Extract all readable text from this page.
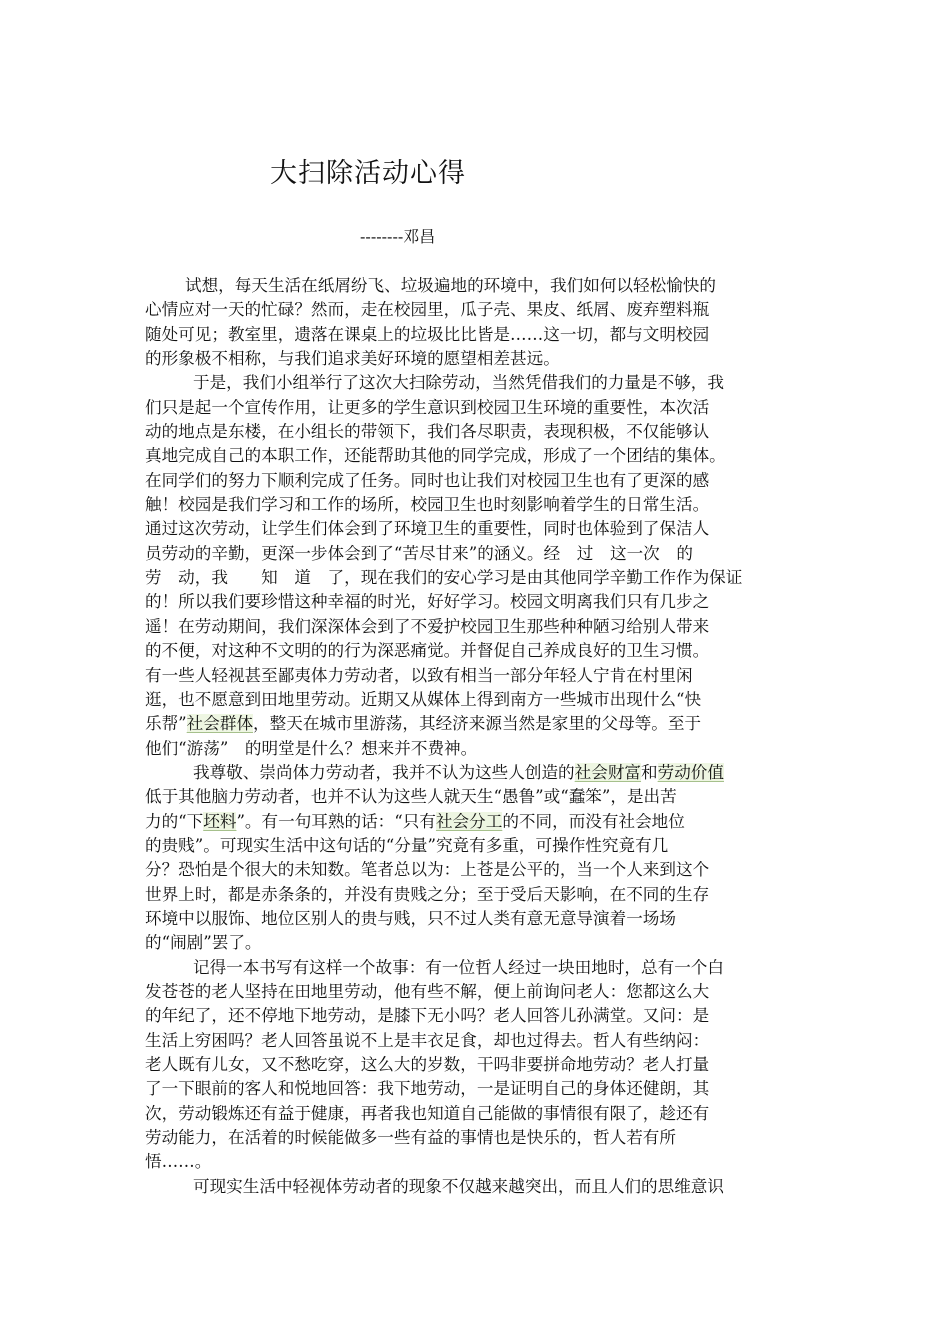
大扫除活动心得
--------邓昌
试想，每天生活在纸屑纷飞、垃圾遍地的环境中，我们如何以轻松愉快的
心情应对一天的忙碌？然而，走在校园里，瓜子壳、果皮、纸屑、废弃塑料瓶
随处可见；教室里，遗落在课桌上的垃圾比比皆是……这一切，都与文明校园
的形象极不相称，与我们追求美好环境的愿望相差甚远。
于是，我们小组举行了这次大扫除劳动，当然凭借我们的力量是不够，我
们只是起一个宣传作用，让更多的学生意识到校园卫生环境的重要性，本次活
动的地点是东楼，在小组长的带领下，我们各尽职责，表现积极，不仅能够认
真地完成自己的本职工作，还能帮助其他的同学完成，形成了一个团结的集体。
在同学们的努力下顺利完成了任务。同时也让我们对校园卫生也有了更深的感
触！校园是我们学习和工作的场所，校园卫生也时刻影响着学生的日常生活。
通过这次劳动，让学生们体会到了环境卫生的重要性，同时也体验到了保洁人
员劳动的辛勤，更深一步体会到了“苦尽甘来”的涵义。经　过　这一次　的
劳　动，我　　知　道　了，现在我们的安心学习是由其他同学辛勤工作作为保证
的！所以我们要珍惜这种幸福的时光，好好学习。校园文明离我们只有几步之
遥！在劳动期间，我们深深体会到了不爱护校园卫生那些种种陋习给别人带来
的不便，对这种不文明的的行为深恶痛觉。并督促自己养成良好的卫生习惯。
有一些人轻视甚至鄙夷体力劳动者，以致有相当一部分年轻人宁肯在村里闲
逛，也不愿意到田地里劳动。近期又从媒体上得到南方一些城市出现什么“快
乐帮”社会群体，整天在城市里游荡，其经济来源当然是家里的父母等。至于
他们“游荡”　的明堂是什么？想来并不费神。
我尊敬、崇尚体力劳动者，我并不认为这些人创造的社会财富和劳动价值
低于其他脑力劳动者，也并不认为这些人就天生“愚鲁”或“蠢笨”，是出苦
力的“下坯料”。有一句耳熟的话：“只有社会分工的不同，而没有社会地位
的贵贱”。可现实生活中这句话的“分量”究竟有多重，可操作性究竟有几
分？恐怕是个很大的未知数。笔者总以为：上苍是公平的，当一个人来到这个
世界上时，都是赤条条的，并没有贵贱之分；至于受后天影响，在不同的生存
环境中以服饰、地位区别人的贵与贱，只不过人类有意无意导演着一场场
的“闹剧”罢了。
记得一本书写有这样一个故事：有一位哲人经过一块田地时，总有一个白
发苍苍的老人坚持在田地里劳动，他有些不解，便上前询问老人：您都这么大
的年纪了，还不停地下地劳动，是膝下无小吗？老人回答儿孙满堂。又问：是
生活上穷困吗？老人回答虽说不上是丰衣足食，却也过得去。哲人有些纳闷：
老人既有儿女，又不愁吃穿，这么大的岁数，干吗非要拼命地劳动？老人打量
了一下眼前的客人和悦地回答：我下地劳动，一是证明自己的身体还健朗，其
次，劳动锻炼还有益于健康，再者我也知道自己能做的事情很有限了，趁还有
劳动能力，在活着的时候能做多一些有益的事情也是快乐的，哲人若有所
悟……。
可现实生活中轻视体劳动者的现象不仅越来越突出，而且人们的思维意识
